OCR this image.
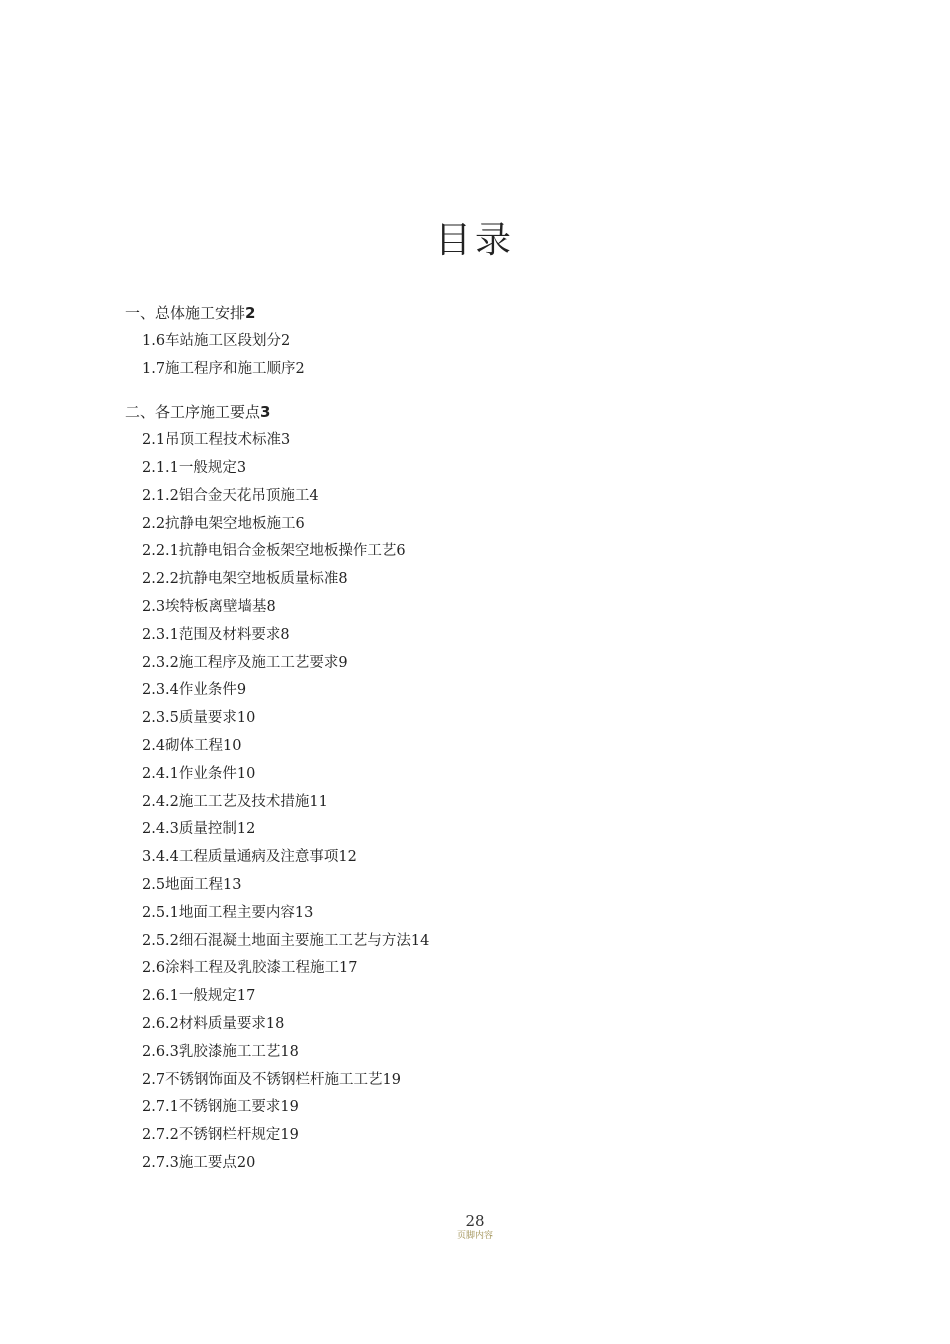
目录
一、总体施工安排2
1.6车站施工区段划分2
1.7施工程序和施工顺序2
二、各工序施工要点3
2.1吊顶工程技术标准3
2.1.1一般规定3
2.1.2铝合金天花吊顶施工4
2.2抗静电架空地板施工6
2.2.1抗静电铝合金板架空地板操作工艺6
2.2.2抗静电架空地板质量标准8
2.3埃特板离壁墙基8
2.3.1范围及材料要求8
2.3.2施工程序及施工工艺要求9
2.3.4作业条件9
2.3.5质量要求10
2.4砌体工程10
2.4.1作业条件10
2.4.2施工工艺及技术措施11
2.4.3质量控制12
3.4.4工程质量通病及注意事项12
2.5地面工程13
2.5.1地面工程主要内容13
2.5.2细石混凝土地面主要施工工艺与方法14
2.6涂料工程及乳胶漆工程施工17
2.6.1一般规定17
2.6.2材料质量要求18
2.6.3乳胶漆施工工艺18
2.7不锈钢饰面及不锈钢栏杆施工工艺19
2.7.1不锈钢施工要求19
2.7.2不锈钢栏杆规定19
2.7.3施工要点20
28
页脚内容
